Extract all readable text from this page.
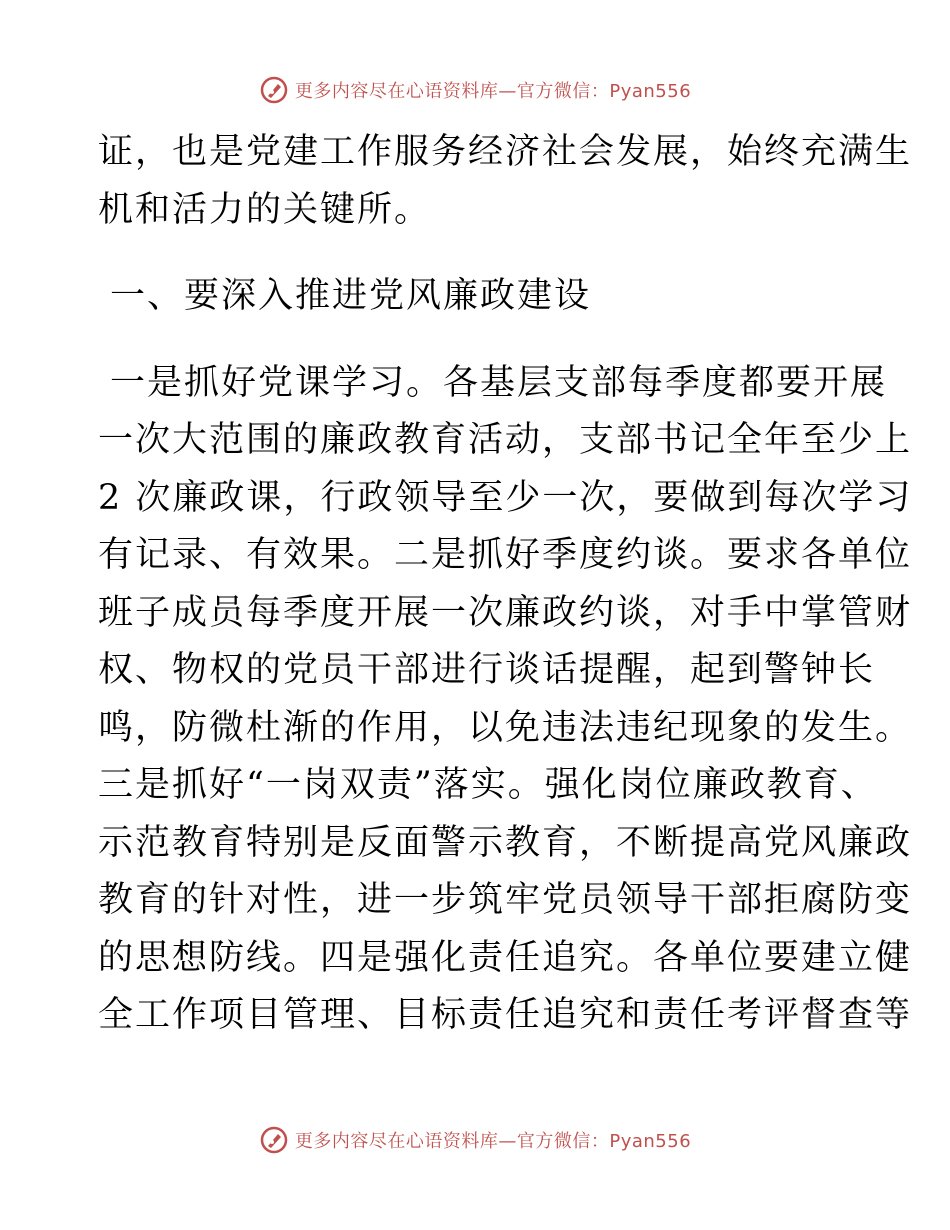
更多内容尽在心语资料库—官方微信：Pyan556
证，也是党建工作服务经济社会发展，始终充满生
机和活力的关键所。
一、要深入推进党风廉政建设
一是抓好党课学习。各基层支部每季度都要开展
一次大范围的廉政教育活动，支部书记全年至少上
2 次廉政课，行政领导至少一次，要做到每次学习
有记录、有效果。二是抓好季度约谈。要求各单位
班子成员每季度开展一次廉政约谈，对手中掌管财
权、物权的党员干部进行谈话提醒，起到警钟长
鸣，防微杜渐的作用，以免违法违纪现象的发生。
三是抓好“一岗双责”落实。强化岗位廉政教育、
示范教育特别是反面警示教育，不断提高党风廉政
教育的针对性，进一步筑牢党员领导干部拒腐防变
的思想防线。四是强化责任追究。各单位要建立健
全工作项目管理、目标责任追究和责任考评督查等
更多内容尽在心语资料库—官方微信：Pyan556
